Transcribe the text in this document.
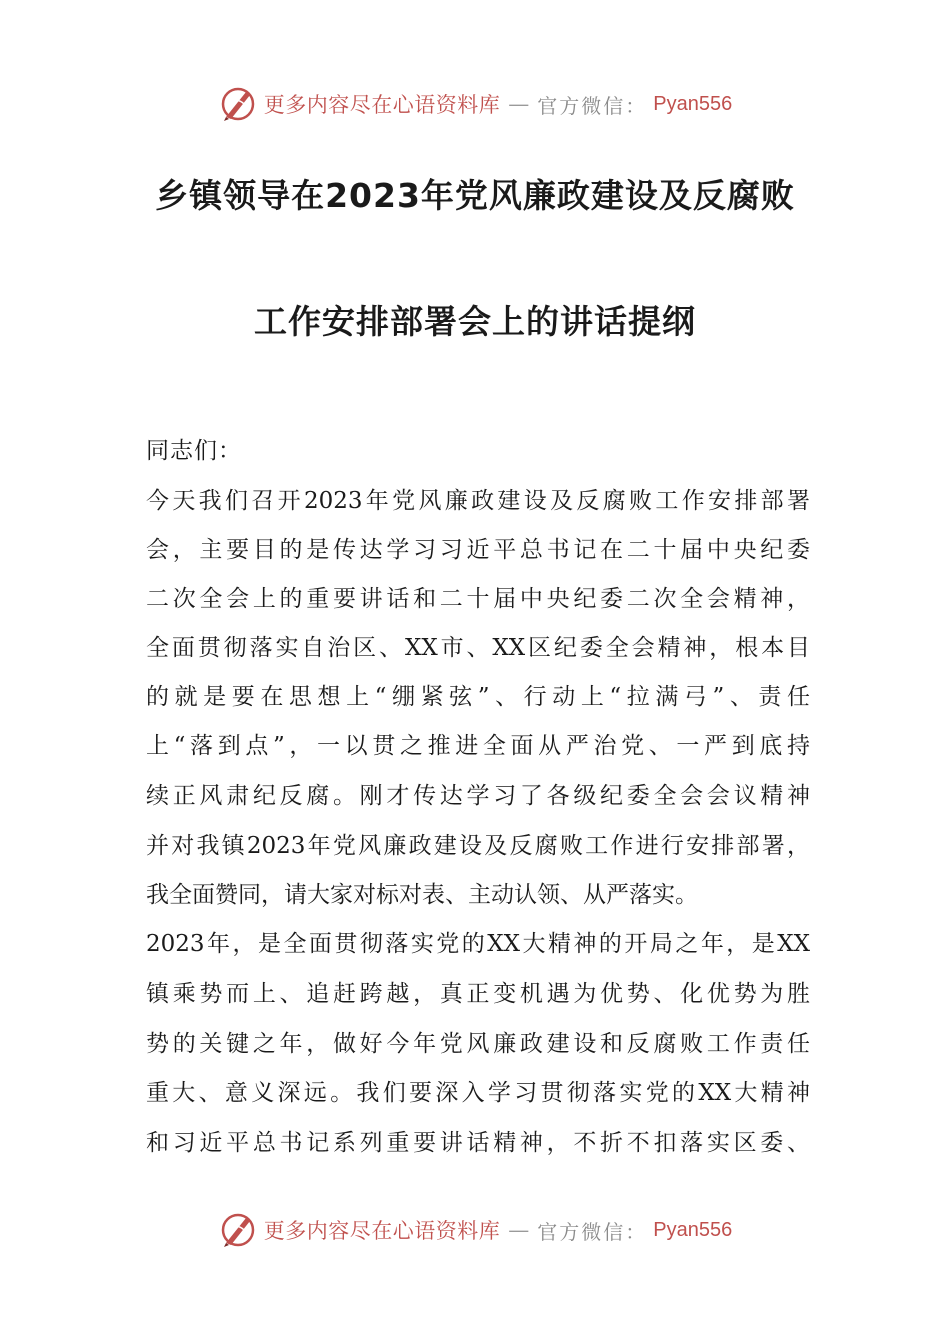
更多内容尽在心语资料库 — 官方微信： Pyan556
乡镇领导在2023年党风廉政建设及反腐败
工作安排部署会上的讲话提纲
同志们：
今天我们召开2023年党风廉政建设及反腐败工作安排部署
会，主要目的是传达学习习近平总书记在二十届中央纪委
二次全会上的重要讲话和二十届中央纪委二次全会精神，
全面贯彻落实自治区、XX市、XX区纪委全会精神，根本目
的就是要在思想上“绷紧弦”、行动上“拉满弓”、责任
上“落到点”，一以贯之推进全面从严治党、一严到底持
续正风肃纪反腐。刚才传达学习了各级纪委全会会议精神
并对我镇2023年党风廉政建设及反腐败工作进行安排部署，
我全面赞同，请大家对标对表、主动认领、从严落实。
2023年，是全面贯彻落实党的XX大精神的开局之年，是XX
镇乘势而上、追赶跨越，真正变机遇为优势、化优势为胜
势的关键之年，做好今年党风廉政建设和反腐败工作责任
重大、意义深远。我们要深入学习贯彻落实党的XX大精神
和习近平总书记系列重要讲话精神，不折不扣落实区委、
更多内容尽在心语资料库 — 官方微信： Pyan556
